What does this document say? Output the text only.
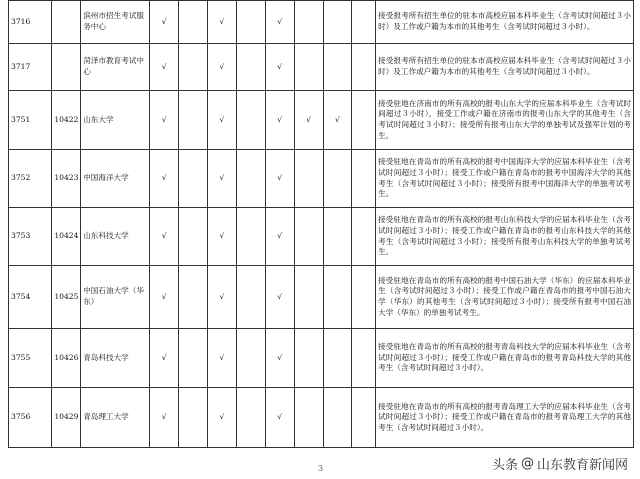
3716		滨州市招生考试服务中心	√		√		√				接受报考所有招生单位的驻本市高校应届本科毕业生（含考试时间超过３小时）及工作或户籍为本市的其他考生（含考试时间超过３小时）。
3717		菏泽市教育考试中心	√		√		√				接受报考所有招生单位的驻本市高校应届本科毕业生（含考试时间超过３小时）及工作或户籍为本市的其他考生（含考试时间超过３小时）。
3751	10422	山东大学	√		√		√	√	√		接受驻地在济南市的所有高校的报考山东大学的应届本科毕业生（含考试时间超过３小时），接受工作或户籍在济南市的报考山东大学的其他考生（含考试时间超过３小时）；接受所有报考山东大学的单独考试及强军计划的考生。
3752	10423	中国海洋大学	√		√		√				接受驻地在青岛市的所有高校的报考中国海洋大学的应届本科毕业生（含考试时间超过３小时）；接受工作或户籍在青岛市的报考中国海洋大学的其他考生（含考试时间超过３小时）；接受所有报考中国海洋大学的单独考试考生。
3753	10424	山东科技大学	√		√		√				接受驻地在青岛市的所有高校的报考山东科技大学的应届本科毕业生（含考试时间超过３小时）；接受工作或户籍在青岛市的报考山东科技大学的其他考生（含考试时间超过３小时）；接受所有报考山东科技大学的单独考试考生。
3754	10425	中国石油大学（华东）	√		√		√				接受驻地在青岛市的所有高校的报考中国石油大学（华东）的应届本科毕业生（含考试时间超过３小时）；接受工作或户籍在青岛市的报考中国石油大学（华东）的其他考生（含考试时间超过３小时）；接受所有报考中国石油大学（华东）的单独考试考生。
3755	10426	青岛科技大学	√		√		√				接受驻地在青岛市的所有高校的报考青岛科技大学的应届本科毕业生（含考试时间超过３小时）；接受工作或户籍在青岛市的报考青岛科技大学的其他考生（含考试时间超过３小时）。
3756	10429	青岛理工大学	√		√		√				接受驻地在青岛市的所有高校的报考青岛理工大学的应届本科毕业生（含考试时间超过３小时）；接受工作或户籍在青岛市的报考青岛理工大学的其他考生（含考试时间超过３小时）。
3	头条 @ 山东教育新闻网
